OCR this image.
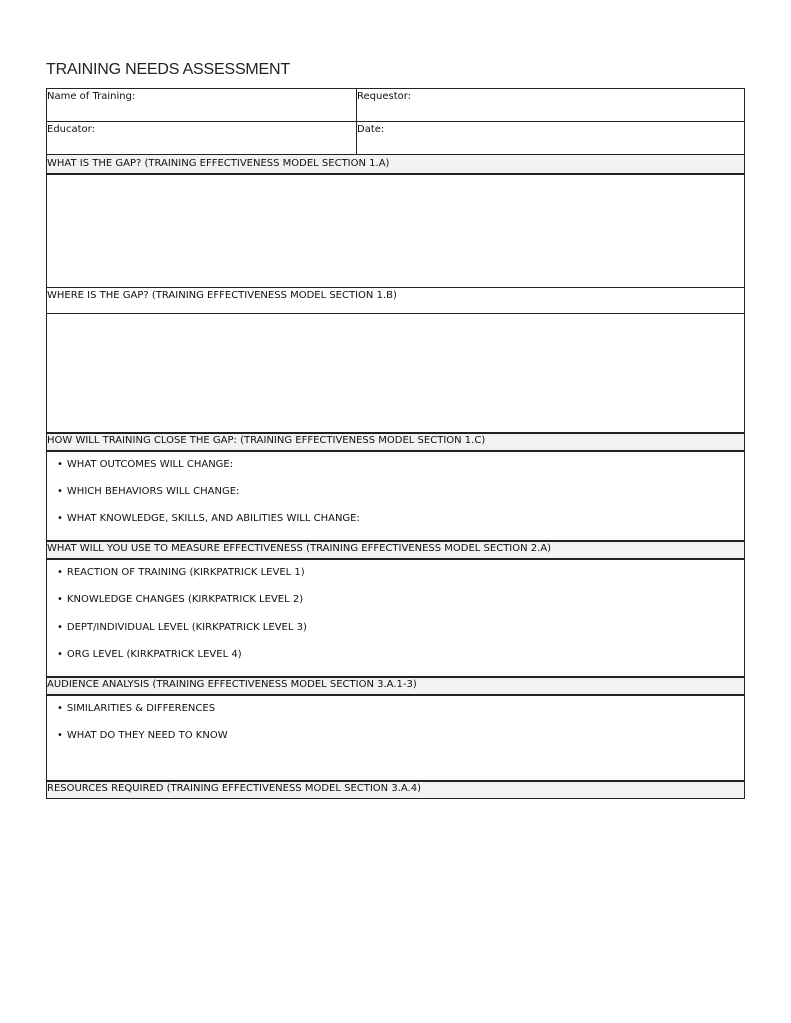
TRAINING NEEDS ASSESSMENT
Name of Training:	Requestor:
Educator:	Date:
WHAT IS THE GAP? (TRAINING EFFECTIVENESS MODEL SECTION 1.A)
WHERE IS THE GAP? (TRAINING EFFECTIVENESS MODEL SECTION 1.B)
HOW WILL TRAINING CLOSE THE GAP: (TRAINING EFFECTIVENESS MODEL SECTION 1.C)
• WHAT OUTCOMES WILL CHANGE:
• WHICH BEHAVIORS WILL CHANGE:
• WHAT KNOWLEDGE, SKILLS, AND ABILITIES WILL CHANGE:
WHAT WILL YOU USE TO MEASURE EFFECTIVENESS (TRAINING EFFECTIVENESS MODEL SECTION 2.A)
• REACTION OF TRAINING (KIRKPATRICK LEVEL 1)
• KNOWLEDGE CHANGES (KIRKPATRICK LEVEL 2)
• DEPT/INDIVIDUAL LEVEL (KIRKPATRICK LEVEL 3)
• ORG LEVEL (KIRKPATRICK LEVEL 4)
AUDIENCE ANALYSIS (TRAINING EFFECTIVENESS MODEL SECTION 3.A.1-3)
• SIMILARITIES & DIFFERENCES
• WHAT DO THEY NEED TO KNOW
RESOURCES REQUIRED (TRAINING EFFECTIVENESS MODEL SECTION 3.A.4)
